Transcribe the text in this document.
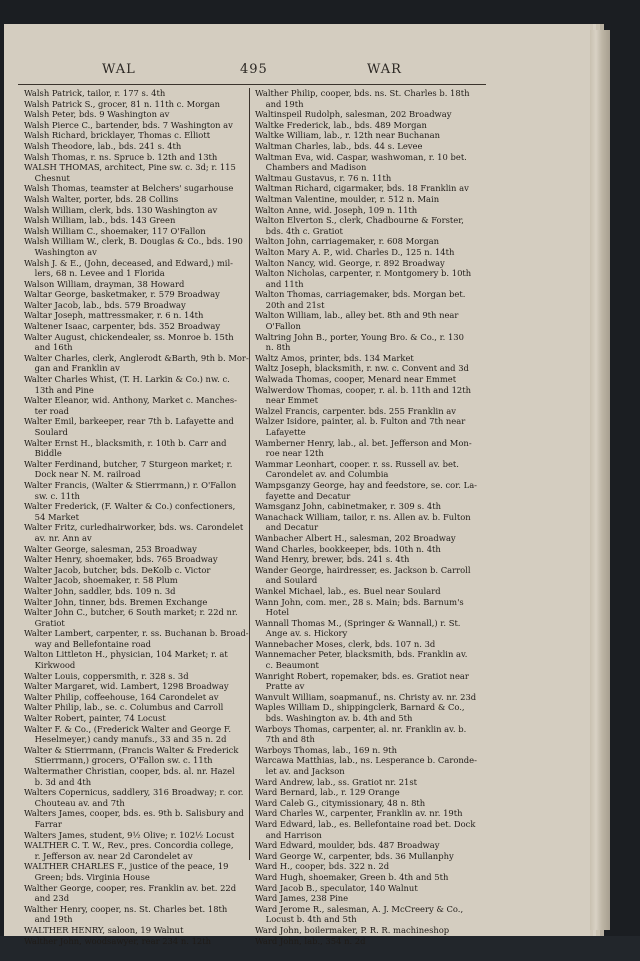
WAL	495	WAR
Walsh Patrick, tailor, r. 177 s. 4th
Walsh Patrick S., grocer, 81 n. 11th c. Morgan
Walsh Peter, bds. 9 Washington av
Walsh Pierce C., bartender, bds. 7 Washington av
Walsh Richard, bricklayer, Thomas c. Elliott
Walsh Theodore, lab., bds. 241 s. 4th
Walsh Thomas, r. ns. Spruce b. 12th and 13th
WALSH THOMAS, architect, Pine sw. c. 3d; r. 115
Chesnut
Walsh Thomas, teamster at Belchers' sugarhouse
Walsh Walter, porter, bds. 28 Collins
Walsh William, clerk, bds. 130 Washington av
Walsh William, lab., bds. 143 Green
Walsh William C., shoemaker, 117 O'Fallon
Walsh William W., clerk, B. Douglas & Co., bds. 190
Washington av
Walsh J. & E., (John, deceased, and Edward,) mil-
lers, 68 n. Levee and 1 Florida
Walson William, drayman, 38 Howard
Waltar George, basketmaker, r. 579 Broadway
Walter Jacob, lab., bds. 579 Broadway
Waltar Joseph, mattressmaker, r. 6 n. 14th
Waltener Isaac, carpenter, bds. 352 Broadway
Walter August, chickendealer, ss. Monroe b. 15th
and 16th
Walter Charles, clerk, Anglerodt &Barth, 9th b. Mor-
gan and Franklin av
Walter Charles Whist, (T. H. Larkin & Co.) nw. c.
13th and Pine
Walter Eleanor, wid. Anthony, Market c. Manches-
ter road
Walter Emil, barkeeper, rear 7th b. Lafayette and
Soulard
Walter Ernst H., blacksmith, r. 10th b. Carr and
Biddle
Walter Ferdinand, butcher, 7 Sturgeon market; r.
Dock near N. M. railroad
Walter Francis, (Walter & Stierrmann,) r. O'Fallon
sw. c. 11th
Walter Frederick, (F. Walter & Co.) confectioners,
54 Market
Walter Fritz, curledhairworker, bds. ws. Carondelet
av. nr. Ann av
Walter George, salesman, 253 Broadway
Walter Henry, shoemaker, bds. 765 Broadway
Walter Jacob, butcher, bds. DeKolb c. Victor
Walter Jacob, shoemaker, r. 58 Plum
Walter John, saddler, bds. 109 n. 3d
Walter John, tinner, bds. Bremen Exchange
Walter John C., butcher, 6 South market; r. 22d nr.
Gratiot
Walter Lambert, carpenter, r. ss. Buchanan b. Broad-
way and Bellefontaine road
Walton Littleton H., physician, 104 Market; r. at
Kirkwood
Walter Louis, coppersmith, r. 328 s. 3d
Walter Margaret, wid. Lambert, 1298 Broadway
Walter Philip, coffeehouse, 164 Carondelet av
Walter Philip, lab., se. c. Columbus and Carroll
Walter Robert, painter, 74 Locust
Walter F. & Co., (Frederick Walter and George F.
Heselmeyer,) candy manufs., 33 and 35 n. 2d
Walter & Stierrmann, (Francis Walter & Frederick
Stierrmann,) grocers, O'Fallon sw. c. 11th
Waltermather Christian, cooper, bds. al. nr. Hazel
b. 3d and 4th
Walters Copernicus, saddlery, 316 Broadway; r. cor.
Chouteau av. and 7th
Walters James, cooper, bds. es. 9th b. Salisbury and
Farrar
Walters James, student, 9½ Olive; r. 102½ Locust
WALTHER C. T. W., Rev., pres. Concordia college,
r. Jefferson av. near 2d Carondelet av
WALTHER CHARLES F., justice of the peace, 19
Green; bds. Virginia House
Walther George, cooper, res. Franklin av. bet. 22d
and 23d
Walther Henry, cooper, ns. St. Charles bet. 18th
and 19th
WALTHER HENRY, saloon, 19 Walnut
Walther John, woodsawyer, rear 234 n. 12th
Walther Philip, cooper, bds. ns. St. Charles b. 18th
and 19th
Waltinspeil Rudolph, salesman, 202 Broadway
Waltke Frederick, lab., bds. 489 Morgan
Waltke William, lab., r. 12th near Buchanan
Waltman Charles, lab., bds. 44 s. Levee
Waltman Eva, wid. Caspar, washwoman, r. 10 bet.
Chambers and Madison
Waltmau Gustavus, r. 76 n. 11th
Waltman Richard, cigarmaker, bds. 18 Franklin av
Waltman Valentine, moulder, r. 512 n. Main
Walton Anne, wid. Joseph, 109 n. 11th
Walton Elverton S., clerk, Chadbourne & Forster,
bds. 4th c. Gratiot
Walton John, carriagemaker, r. 608 Morgan
Walton Mary A. P., wid. Charles D., 125 n. 14th
Walton Nancy, wid. George, r. 892 Broadway
Walton Nicholas, carpenter, r. Montgomery b. 10th
and 11th
Walton Thomas, carriagemaker, bds. Morgan bet.
20th and 21st
Walton William, lab., alley bet. 8th and 9th near
O'Fallon
Waltring John B., porter, Young Bro. & Co., r. 130
n. 8th
Waltz Amos, printer, bds. 134 Market
Waltz Joseph, blacksmith, r. nw. c. Convent and 3d
Walwada Thomas, cooper, Menard near Emmet
Walwerdow Thomas, cooper, r. al. b. 11th and 12th
near Emmet
Walzel Francis, carpenter. bds. 255 Franklin av
Walzer Isidore, painter, al. b. Fulton and 7th near
Lafayette
Wamberner Henry, lab., al. bet. Jefferson and Mon-
roe near 12th
Wammar Leonhart, cooper. r. ss. Russell av. bet.
Carondelet av. and Columbia
Wampsganzy George, hay and feedstore, se. cor. La-
fayette and Decatur
Wamsganz John, cabinetmaker, r. 309 s. 4th
Wanachack William, tailor, r. ns. Allen av. b. Fulton
and Decatur
Wanbacher Albert H., salesman, 202 Broadway
Wand Charles, bookkeeper, bds. 10th n. 4th
Wand Henry, brewer, bds. 241 s. 4th
Wander George, hairdresser, es. Jackson b. Carroll
and Soulard
Wankel Michael, lab., es. Buel near Soulard
Wann John, com. mer., 28 s. Main; bds. Barnum's
Hotel
Wannall Thomas M., (Springer & Wannall,) r. St.
Ange av. s. Hickory
Wannebacher Moses, clerk, bds. 107 n. 3d
Wannemacher Peter, blacksmith, bds. Franklin av.
c. Beaumont
Wanright Robert, ropemaker, bds. es. Gratiot near
Pratte av
Wanvult William, soapmanuf., ns. Christy av. nr. 23d
Waples William D., shippingclerk, Barnard & Co.,
bds. Washington av. b. 4th and 5th
Warboys Thomas, carpenter, al. nr. Franklin av. b.
7th and 8th
Warboys Thomas, lab., 169 n. 9th
Warcawa Matthias, lab., ns. Lesperance b. Caronde-
let av. and Jackson
Ward Andrew, lab., ss. Gratiot nr. 21st
Ward Bernard, lab., r. 129 Orange
Ward Caleb G., citymissionary, 48 n. 8th
Ward Charles W., carpenter, Franklin av. nr. 19th
Ward Edward, lab., es. Bellefontaine road bet. Dock
and Harrison
Ward Edward, moulder, bds. 487 Broadway
Ward George W., carpenter, bds. 36 Mullanphy
Ward H., cooper, bds. 322 n. 2d
Ward Hugh, shoemaker, Green b. 4th and 5th
Ward Jacob B., speculator, 140 Walnut
Ward James, 238 Pine
Ward Jerome R., salesman, A. J. McCreery & Co.,
Locust b. 4th and 5th
Ward John, boilermaker, P. R. R. machineshop
Ward John, lab., 354 n. 2d
